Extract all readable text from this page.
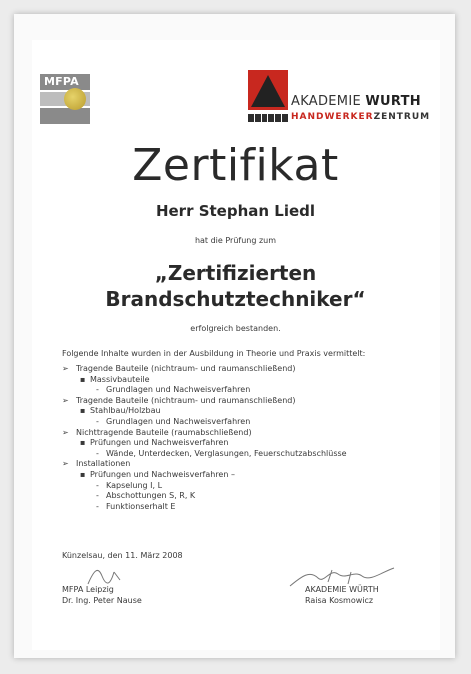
MFPA
AKADEMIE WURTH
HANDWERKERZENTRUM
Zertifikat
Herr Stephan Liedl
hat die Prüfung zum
„Zertifizierten
Brandschutztechniker“
erfolgreich bestanden.
Folgende Inhalte wurden in der Ausbildung in Theorie und Praxis vermittelt:
➢ Tragende Bauteile (nichtraum- und raumanschließend)
▪ Massivbauteile
- Grundlagen und Nachweisverfahren
➢ Tragende Bauteile (nichtraum- und raumanschließend)
▪ Stahlbau/Holzbau
- Grundlagen und Nachweisverfahren
➢ Nichttragende Bauteile (raumabschließend)
▪ Prüfungen und Nachweisverfahren
- Wände, Unterdecken, Verglasungen, Feuerschutzabschlüsse
➢ Installationen
▪ Prüfungen und Nachweisverfahren –
- Kapselung I, L
- Abschottungen S, R, K
- Funktionserhalt E
Künzelsau, den 11. März 2008
MFPA Leipzig
Dr. Ing. Peter Nause
AKADEMIE WÜRTH
Raisa Kosmowicz
